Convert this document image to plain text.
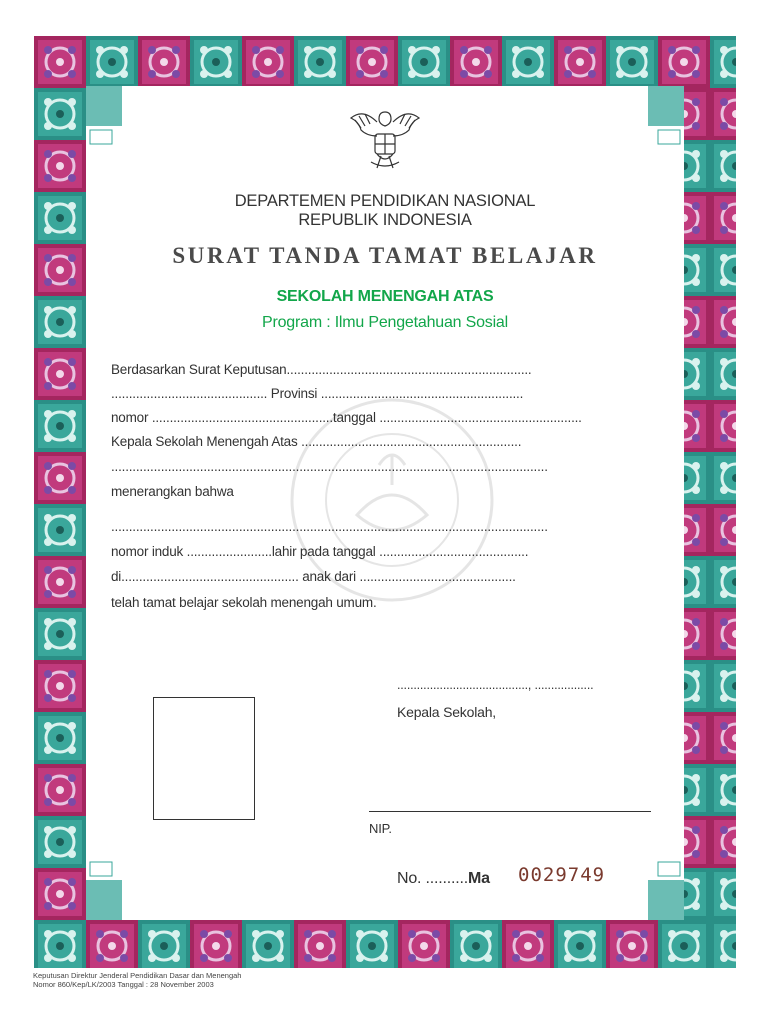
DEPARTEMEN PENDIDIKAN NASIONAL
REPUBLIK INDONESIA
SURAT TANDA TAMAT BELAJAR
SEKOLAH MENENGAH ATAS
Program : Ilmu Pengetahuan Sosial
Berdasarkan Surat Keputusan.....................................................................
............................................ Provinsi .........................................................
nomor ...................................................tanggal .........................................................
Kepala Sekolah Menengah Atas ..............................................................
...........................................................................................................................
menerangkan bahwa
...........................................................................................................................
nomor induk ........................lahir pada tanggal ..........................................
di.................................................. anak dari ............................................
telah tamat belajar sekolah menengah umum.
........................................, ..................
Kepala Sekolah,
NIP.
No. ..........Ma 0029749
Keputusan Direktur Jenderal Pendidikan Dasar dan Menengah
Nomor 860/Kep/LK/2003 Tanggal : 28 November 2003
